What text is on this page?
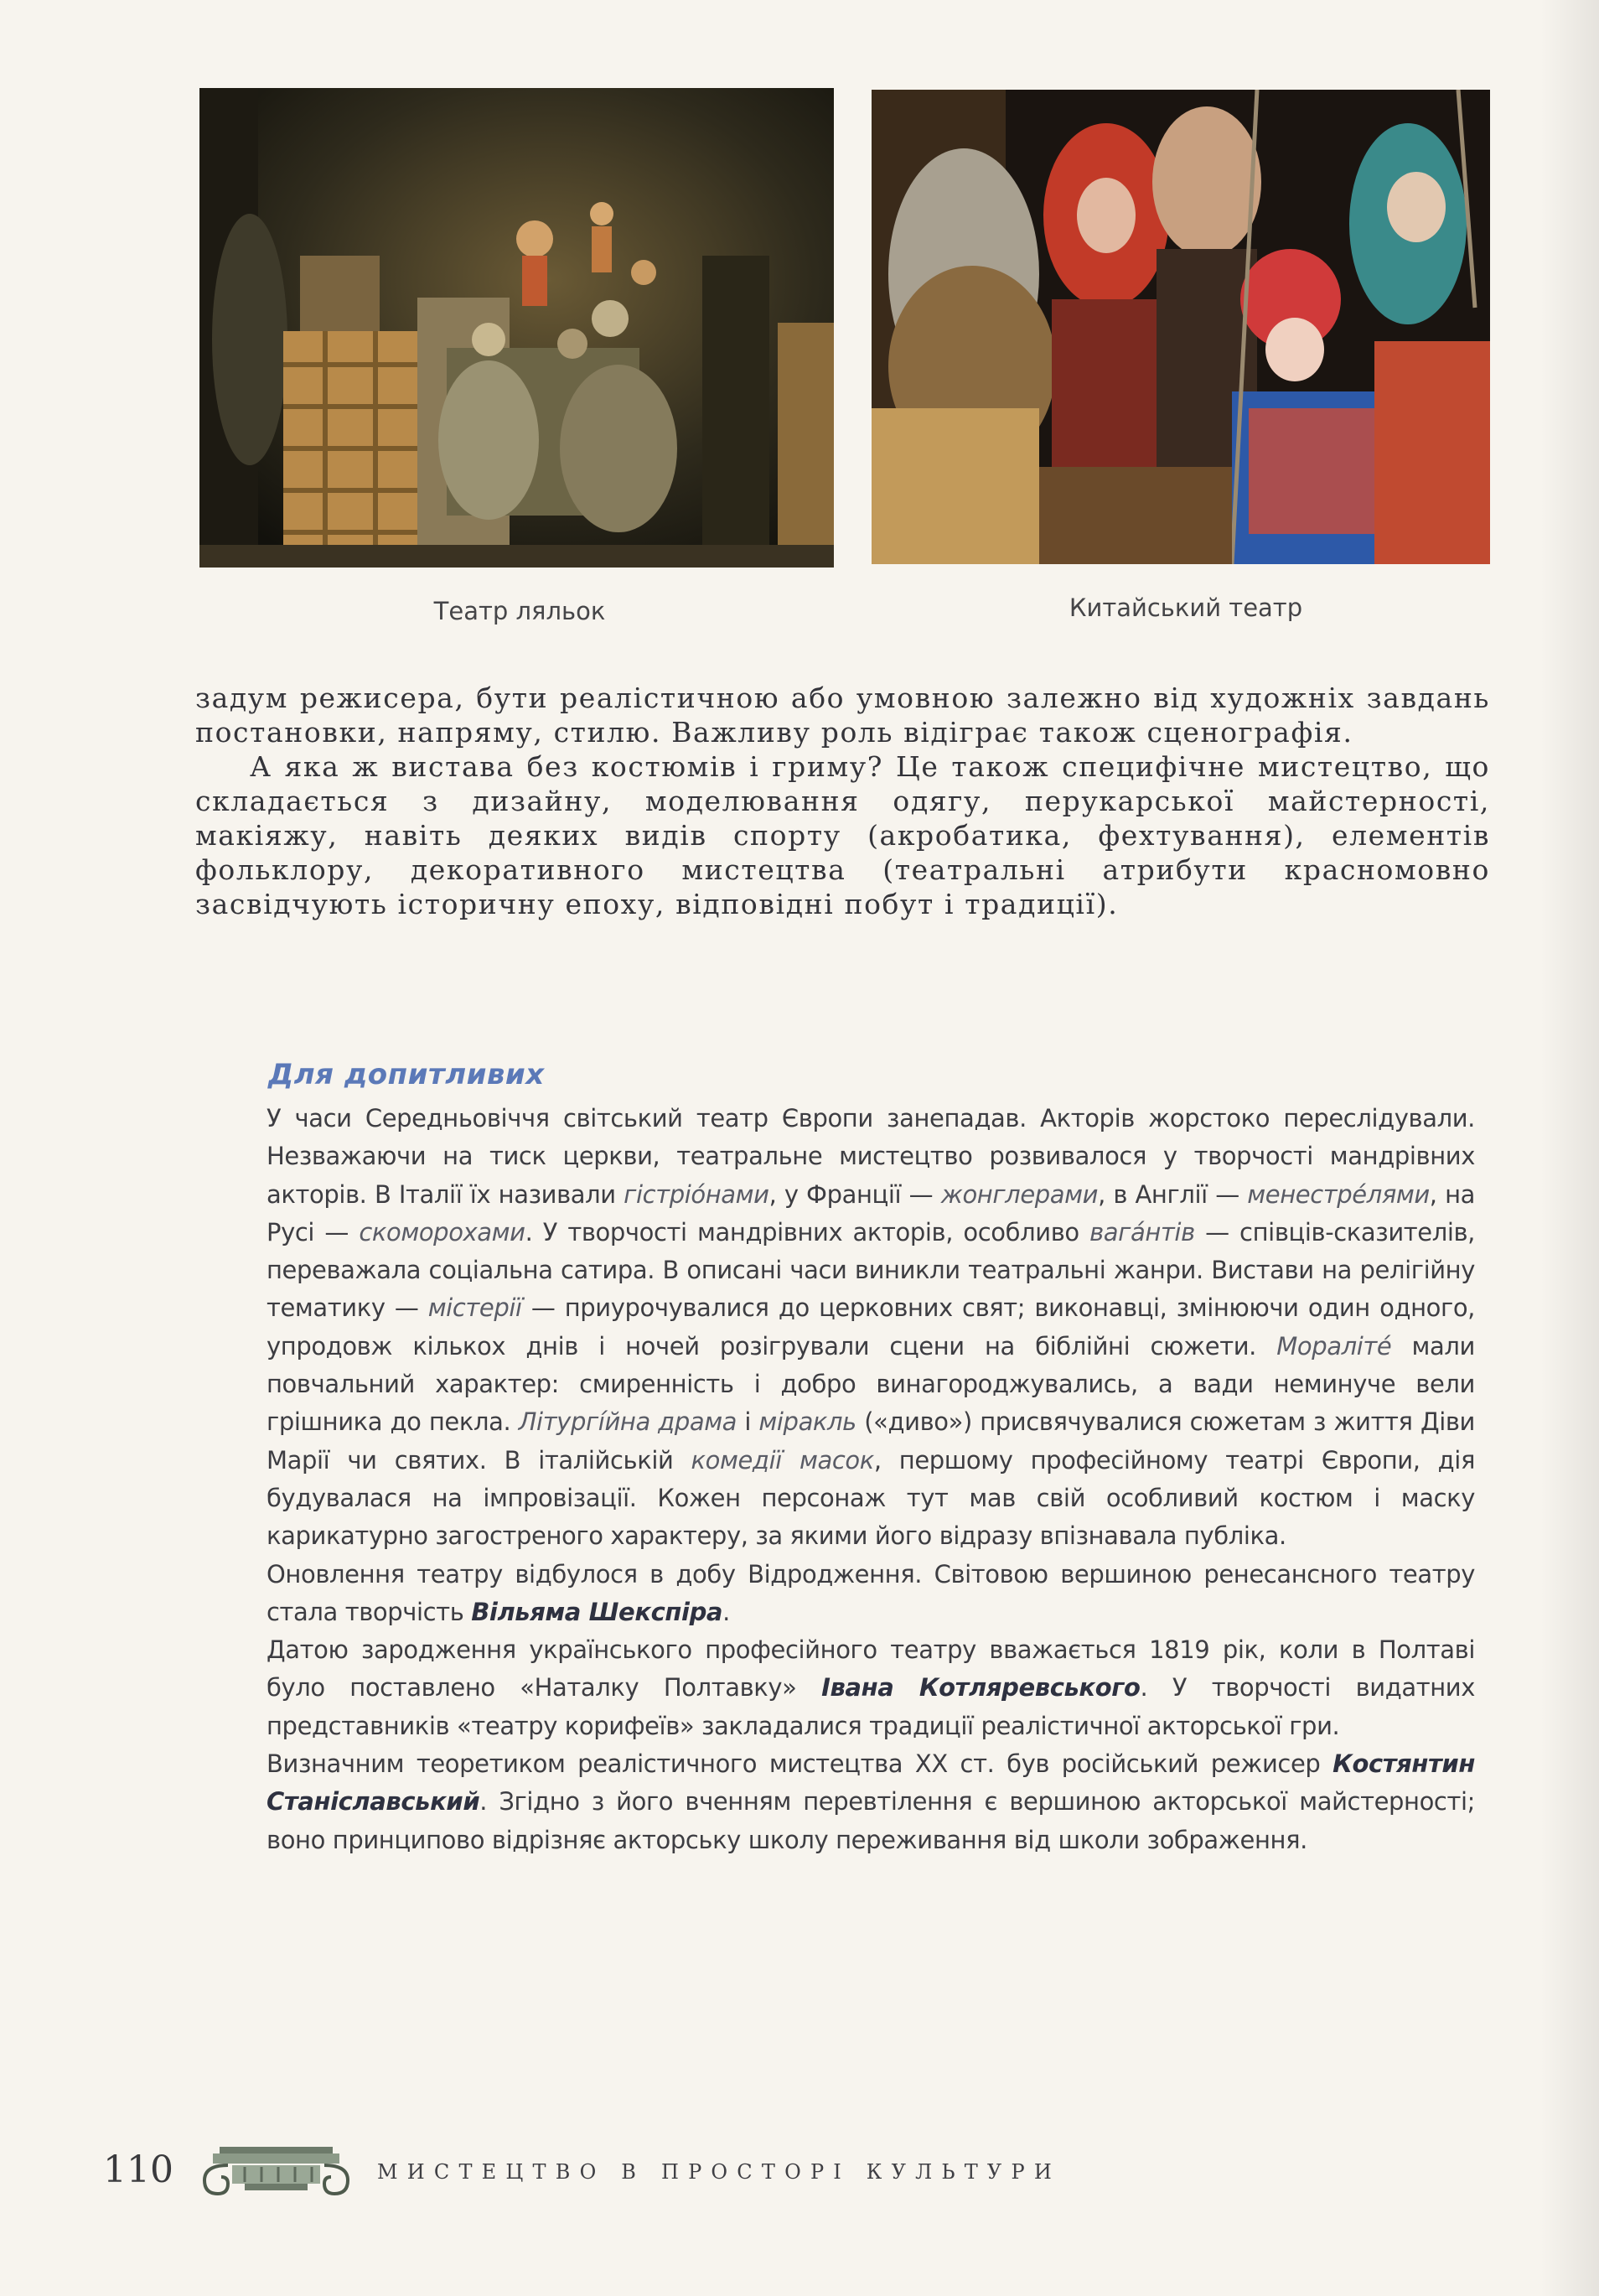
Театр ляльок	Китайський театр

задум режисера, бути реалістичною або умовною залежно від художніх завдань постановки, напряму, стилю. Важливу роль відіграє також сценографія.

А яка ж вистава без костюмів і гриму? Це також специфічне мистецтво, що складається з дизайну, моделювання одягу, перукарської майстерності, макіяжу, навіть деяких видів спорту (акробатика, фехтування), елементів фольклору, декоративного мистецтва (театральні атрибути красномовно засвідчують історичну епоху, відповідні побут і традиції).

Для допитливих

У часи Середньовіччя світський театр Європи занепадав. Акторів жорстоко переслідували. Незважаючи на тиск церкви, театральне мистецтво розвивалося у творчості мандрівних акторів. В Італії їх називали гістріóнами, у Франції — жонглерами, в Англії — менестрéлями, на Русі — скоморохами. У творчості мандрівних акторів, особливо вагáнтів — співців-сказителів, переважала соціальна сатира. В описані часи виникли театральні жанри. Вистави на релігійну тематику — містерії — приурочувалися до церковних свят; виконавці, змінюючи один одного, упродовж кількох днів і ночей розігрували сцени на біблійні сюжети. Мораліте́ мали повчальний характер: смиренність і добро винагороджувались, а вади неминуче вели грішника до пекла. Літургíйна драма і міракль («диво») присвячувалися сюжетам з життя Діви Марії чи святих. В італійській комедії масок, першому професійному театрі Європи, дія будувалася на імпровізації. Кожен персонаж тут мав свій особливий костюм і маску карикатурно загостреного характеру, за якими його відразу впізнавала публіка.

Оновлення театру відбулося в добу Відродження. Світовою вершиною ренесансного театру стала творчість Вільяма Шекспіра.

Датою зародження українського професійного театру вважається 1819 рік, коли в Полтаві було поставлено «Наталку Полтавку» Івана Котляревського. У творчості видатних представників «театру корифеїв» закладалися традиції реалістичної акторської гри.

Визначним теоретиком реалістичного мистецтва XX ст. був російський режисер Костянтин Станіславський. Згідно з його вченням перевтілення є вершиною акторської майстерності; воно принципово відрізняє акторську школу переживання від школи зображення.

110	МИСТЕЦТВО В ПРОСТОРІ КУЛЬТУРИ
